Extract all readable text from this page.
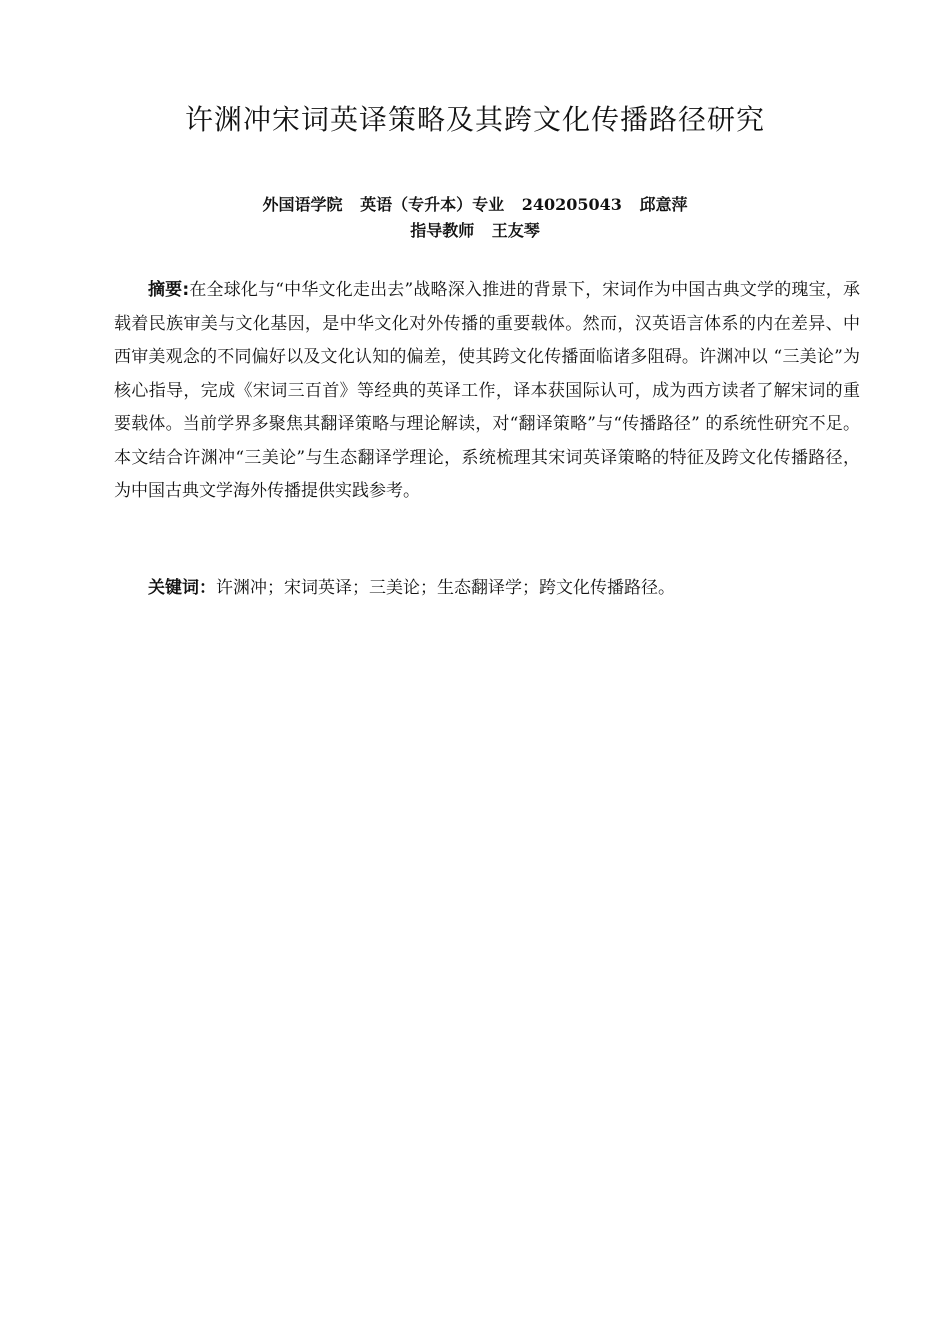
许渊冲宋词英译策略及其跨文化传播路径研究
外国语学院 英语（专升本）专业 240205043 邱意萍
指导教师 王友琴

摘要:在全球化与“中华文化走出去”战略深入推进的背景下，宋词作为中国古典文学的瑰宝，承载着民族审美与文化基因，是中华文化对外传播的重要载体。然而，汉英语言体系的内在差异、中西审美观念的不同偏好以及文化认知的偏差，使其跨文化传播面临诸多阻碍。许渊冲以 “三美论”为核心指导，完成《宋词三百首》等经典的英译工作，译本获国际认可，成为西方读者了解宋词的重要载体。当前学界多聚焦其翻译策略与理论解读，对“翻译策略”与“传播路径” 的系统性研究不足。本文结合许渊冲“三美论”与生态翻译学理论，系统梳理其宋词英译策略的特征及跨文化传播路径，为中国古典文学海外传播提供实践参考。

关键词：许渊冲；宋词英译；三美论；生态翻译学；跨文化传播路径。
